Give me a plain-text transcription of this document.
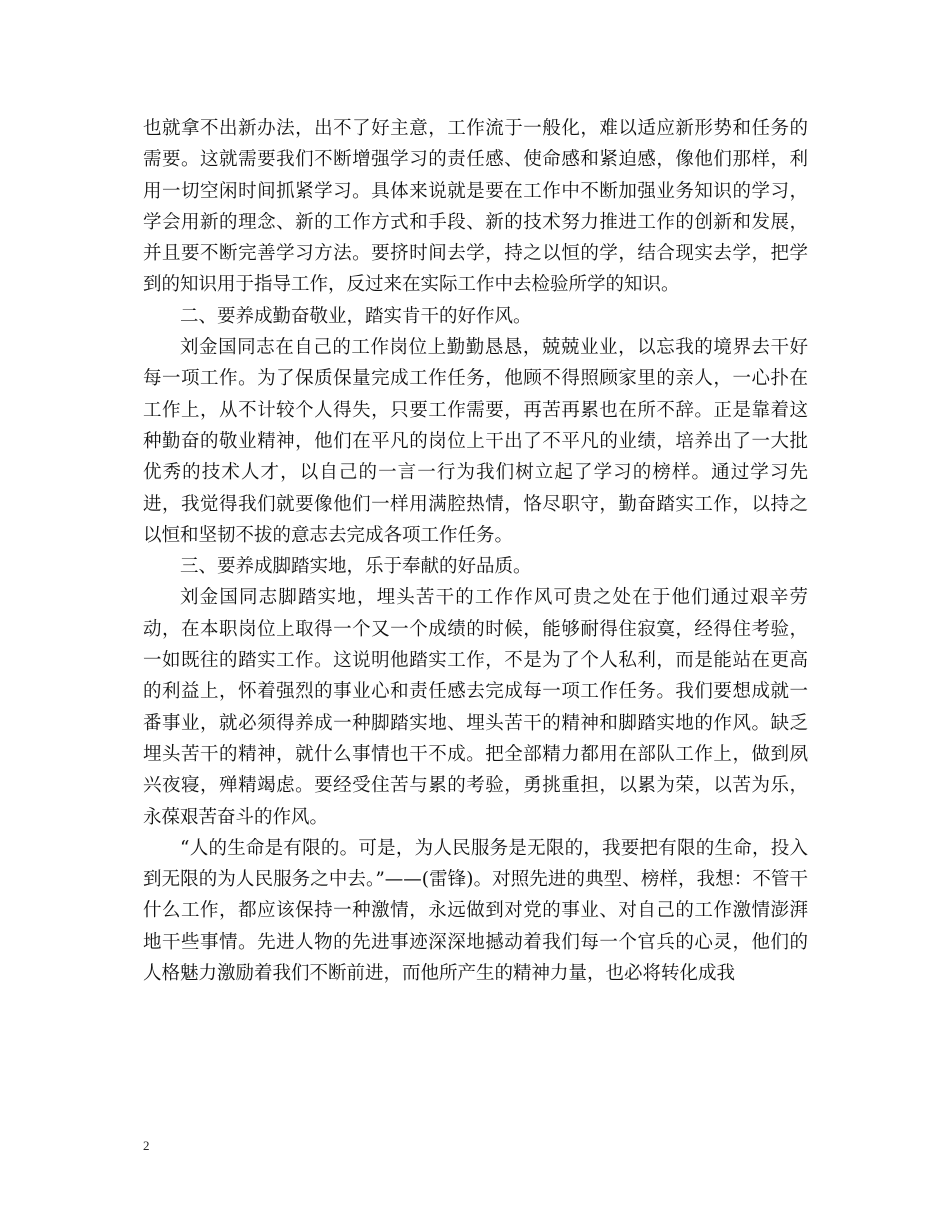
也就拿不出新办法，出不了好主意，工作流于一般化，难以适应新形势和任务的需要。这就需要我们不断增强学习的责任感、使命感和紧迫感，像他们那样，利用一切空闲时间抓紧学习。具体来说就是要在工作中不断加强业务知识的学习，学会用新的理念、新的工作方式和手段、新的技术努力推进工作的创新和发展，并且要不断完善学习方法。要挤时间去学，持之以恒的学，结合现实去学，把学到的知识用于指导工作，反过来在实际工作中去检验所学的知识。

二、要养成勤奋敬业，踏实肯干的好作风。

刘金国同志在自己的工作岗位上勤勤恳恳，兢兢业业，以忘我的境界去干好每一项工作。为了保质保量完成工作任务，他顾不得照顾家里的亲人，一心扑在工作上，从不计较个人得失，只要工作需要，再苦再累也在所不辞。正是靠着这种勤奋的敬业精神，他们在平凡的岗位上干出了不平凡的业绩，培养出了一大批优秀的技术人才，以自己的一言一行为我们树立起了学习的榜样。通过学习先进，我觉得我们就要像他们一样用满腔热情，恪尽职守，勤奋踏实工作，以持之以恒和坚韧不拔的意志去完成各项工作任务。

三、要养成脚踏实地，乐于奉献的好品质。

刘金国同志脚踏实地，埋头苦干的工作作风可贵之处在于他们通过艰辛劳动，在本职岗位上取得一个又一个成绩的时候，能够耐得住寂寞，经得住考验，一如既往的踏实工作。这说明他踏实工作，不是为了个人私利，而是能站在更高的利益上，怀着强烈的事业心和责任感去完成每一项工作任务。我们要想成就一番事业，就必须得养成一种脚踏实地、埋头苦干的精神和脚踏实地的作风。缺乏埋头苦干的精神，就什么事情也干不成。把全部精力都用在部队工作上，做到夙兴夜寝，殚精竭虑。要经受住苦与累的考验，勇挑重担，以累为荣，以苦为乐，永葆艰苦奋斗的作风。

“人的生命是有限的。可是，为人民服务是无限的，我要把有限的生命，投入到无限的为人民服务之中去。”——(雷锋)。对照先进的典型、榜样，我想：不管干什么工作，都应该保持一种激情，永远做到对党的事业、对自己的工作激情澎湃地干些事情。先进人物的先进事迹深深地撼动着我们每一个官兵的心灵，他们的人格魅力激励着我们不断前进，而他所产生的精神力量，也必将转化成我

2
